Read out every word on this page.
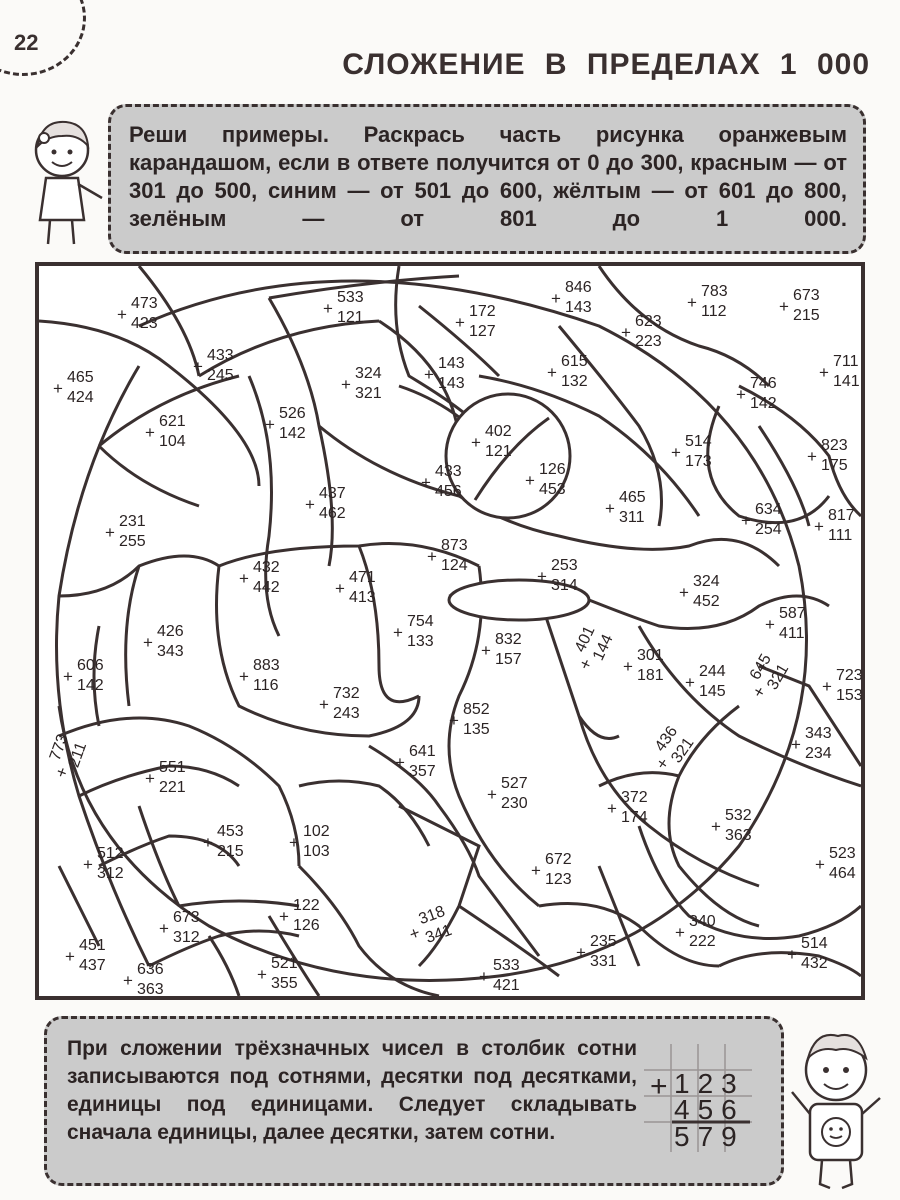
22
СЛОЖЕНИЕ В ПРЕДЕЛАХ 1 000

Реши примеры. Раскрась часть рисунка оранжевым карандашом, если в ответе получится от 0 до 300, красным — от 301 до 500, синим — от 501 до 600, жёлтым — от 601 до 800, зелёным — от 801 до 1 000.

+
473
423
+
533
121	+
172
127
+
846
143	+
783
112	+
673
215
+
465
424
+
433
245	+
324
321
+
143
143
+
623
223
+
615
132	+
711
141
+
621
104
+
526
142	+
402
121
+
746
142
+
514
173	+
823
175
+
433
456
+
437
462
+
126
453
+
465
311	+
634
254 +
817
111
+
231
255
+
873
124
+
432
442	+
471
413
+
253
314	+
324
452
+
426
343
+
754
133
+
587
411
+
832
157
+
606
142	+
883
116
+
301
181 +
244
145	+
723
153
+
732
243	+
852
135
+
343
234
+
641
357
+
551
221	+
527
230	+
372
174	+
532
363
+
453
215	+
102
103
+
512
312	+
672
123
+
523
464
+
122
126
+
673
312	+
340
222
+
451
437
+
235
331	+
514
432
+
636
363
+
521
355	+
533
421
+
318
341
+
401
144
+
645
321
+
773
211	+
436
321

При сложении трёхзначных чисел в столбик сотни записываются под сотнями, десятки под десятками, единицы под единицами. Следует складывать сначала единицы, далее десятки, затем сотни.

+ 123
456
579
